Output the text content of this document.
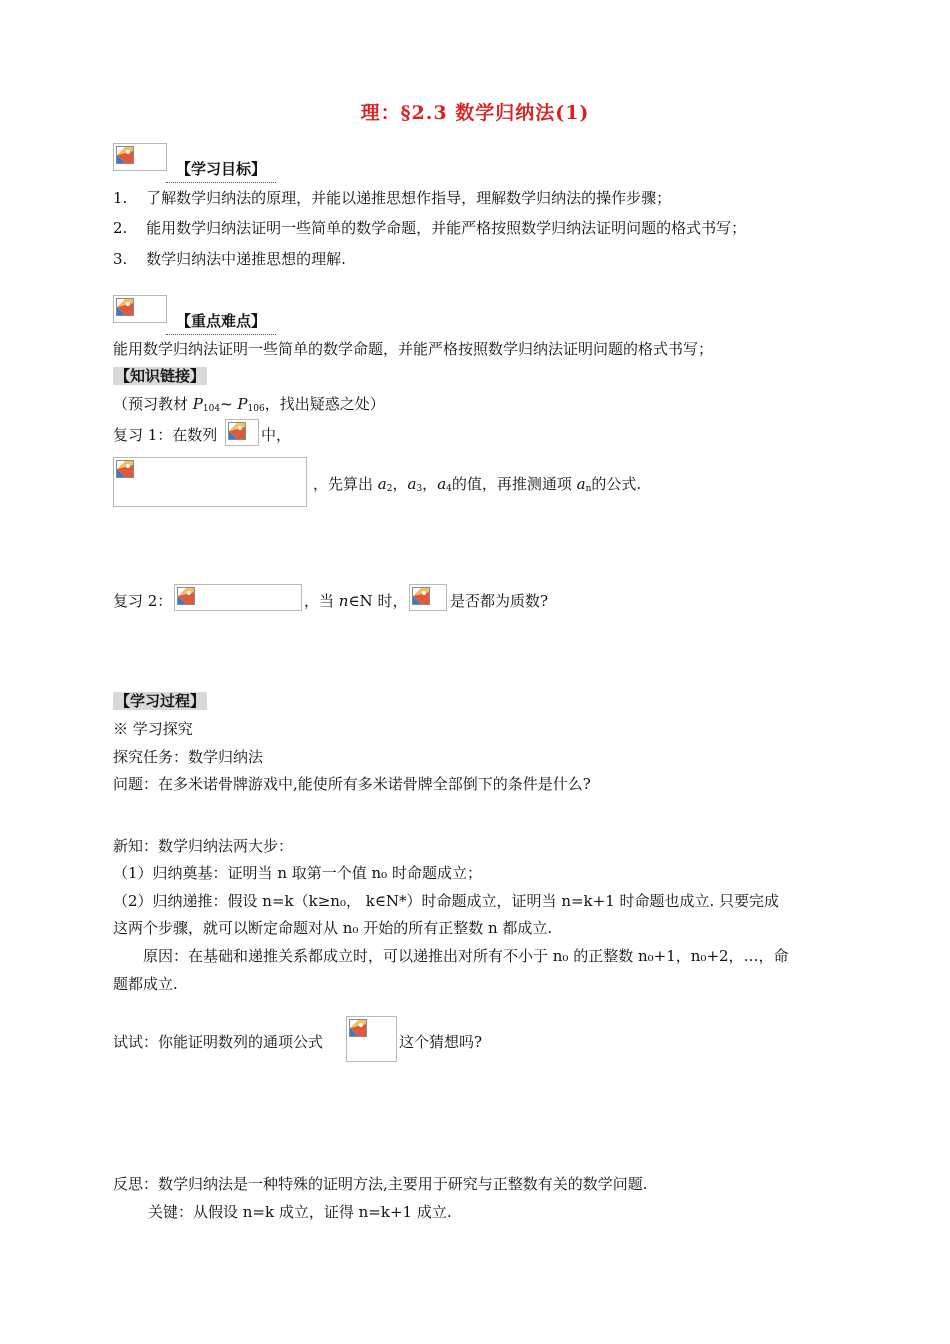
理：§2.3 数学归纳法(1)
【学习目标】
1. 了解数学归纳法的原理，并能以递推思想作指导，理解数学归纳法的操作步骤；
2. 能用数学归纳法证明一些简单的数学命题，并能严格按照数学归纳法证明问题的格式书写；
3. 数学归纳法中递推思想的理解.
【重点难点】
能用数学归纳法证明一些简单的数学命题，并能严格按照数学归纳法证明问题的格式书写；
【知识链接】
（预习教材 $P_{104}\sim$ $P_{106}$，找出疑惑之处）
复习 1：在数列	中，
，先算出 $a_2$，$a_3$，$a_4$的值，再推测通项 $a_n$的公式.
复习 2：	，当 n∈N 时，	是否都为质数?
【学习过程】
※ 学习探究
探究任务：数学归纳法
问题：在多米诺骨牌游戏中,能使所有多米诺骨牌全部倒下的条件是什么?
新知：数学归纳法两大步：
（1）归纳奠基：证明当 n 取第一个值 n₀ 时命题成立；
（2）归纳递推：假设 n=k（k≥n₀， k∈N*）时命题成立，证明当 n=k+1 时命题也成立. 只要完成
这两个步骤，就可以断定命题对从 n₀ 开始的所有正整数 n 都成立.
原因：在基础和递推关系都成立时，可以递推出对所有不小于 n₀ 的正整数 n₀+1，n₀+2，…，命
题都成立.
试试：你能证明数列的通项公式	这个猜想吗?
反思：数学归纳法是一种特殊的证明方法,主要用于研究与正整数有关的数学问题.
关键：从假设 n=k 成立，证得 n=k+1 成立.
